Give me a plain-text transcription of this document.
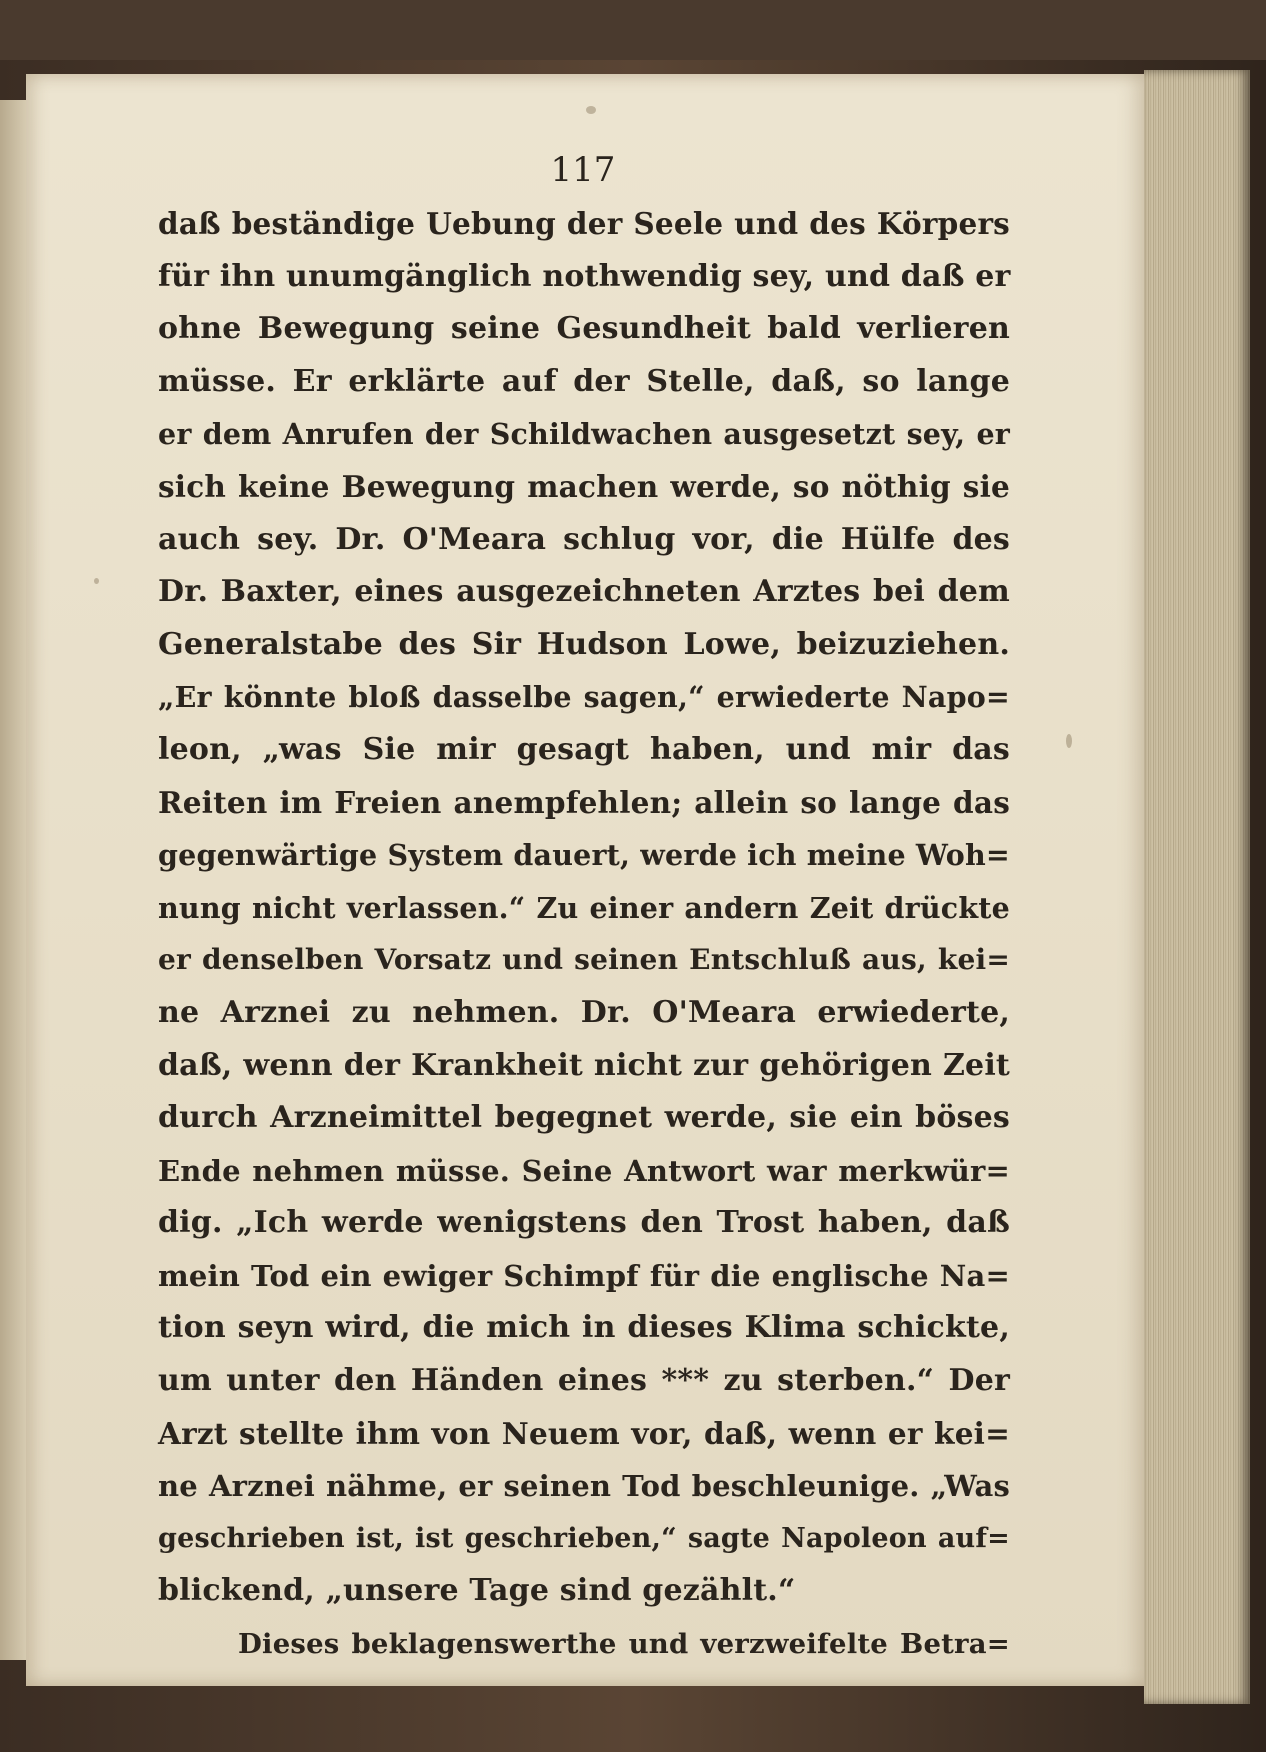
117
daß beständige Uebung der Seele und des Körpers
für ihn unumgänglich nothwendig sey, und daß er
ohne Bewegung seine Gesundheit bald verlieren
müsse. Er erklärte auf der Stelle, daß, so lange
er dem Anrufen der Schildwachen ausgesetzt sey, er
sich keine Bewegung machen werde, so nöthig sie
auch sey. Dr. O'Meara schlug vor, die Hülfe des
Dr. Baxter, eines ausgezeichneten Arztes bei dem
Generalstabe des Sir Hudson Lowe, beizuziehen.
„Er könnte bloß dasselbe sagen,“ erwiederte Napo=
leon, „was Sie mir gesagt haben, und mir das
Reiten im Freien anempfehlen; allein so lange das
gegenwärtige System dauert, werde ich meine Woh=
nung nicht verlassen.“ Zu einer andern Zeit drückte
er denselben Vorsatz und seinen Entschluß aus, kei=
ne Arznei zu nehmen. Dr. O'Meara erwiederte,
daß, wenn der Krankheit nicht zur gehörigen Zeit
durch Arzneimittel begegnet werde, sie ein böses
Ende nehmen müsse. Seine Antwort war merkwür=
dig. „Ich werde wenigstens den Trost haben, daß
mein Tod ein ewiger Schimpf für die englische Na=
tion seyn wird, die mich in dieses Klima schickte,
um unter den Händen eines *** zu sterben.“ Der
Arzt stellte ihm von Neuem vor, daß, wenn er kei=
ne Arznei nähme, er seinen Tod beschleunige. „Was
geschrieben ist, ist geschrieben,“ sagte Napoleon auf=
blickend, „unsere Tage sind gezählt.“
Dieses beklagenswerthe und verzweifelte Betra=
